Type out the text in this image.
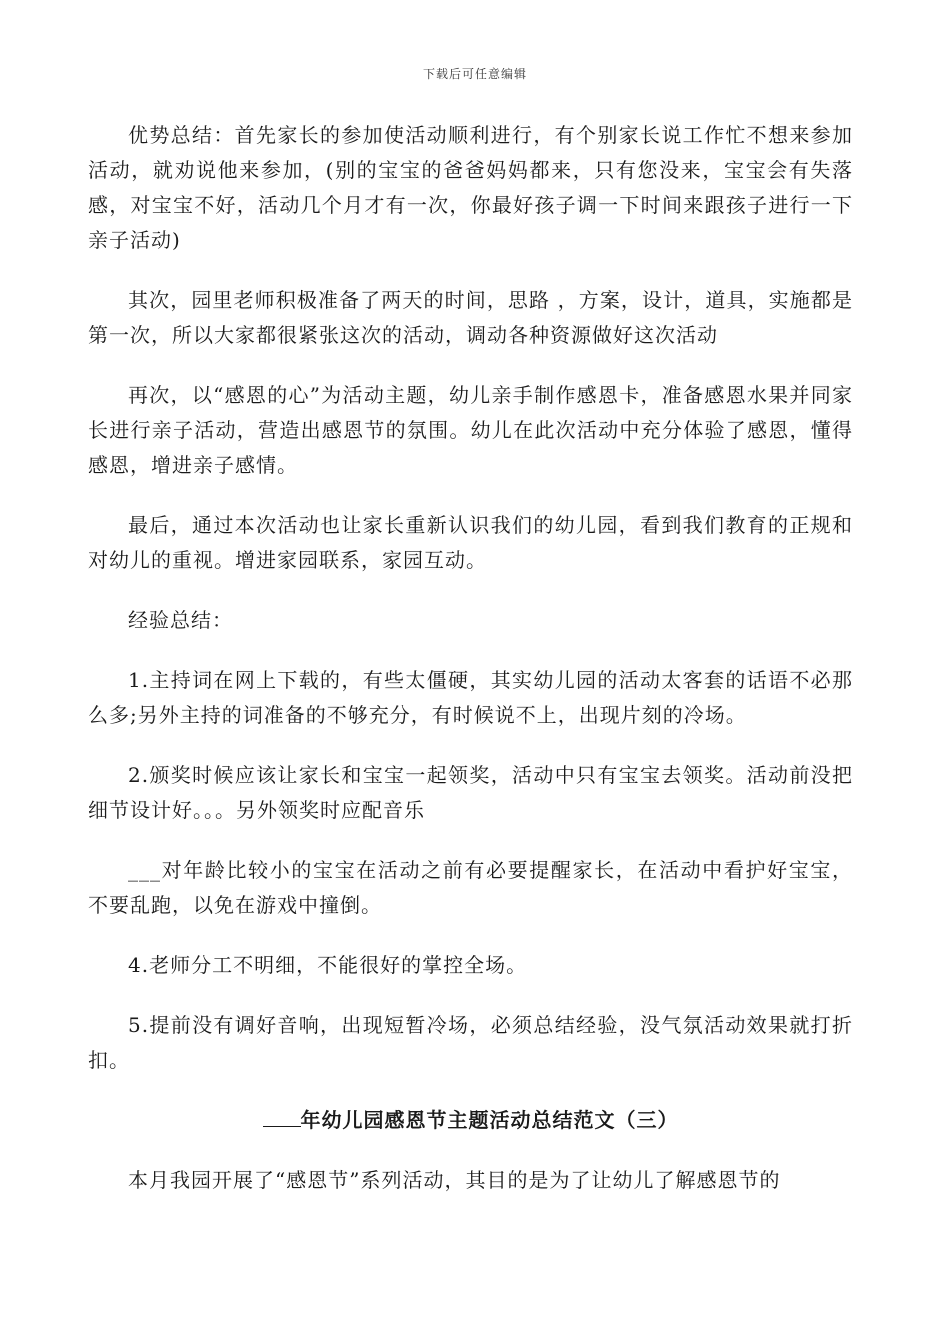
下载后可任意编辑

优势总结：首先家长的参加使活动顺利进行，有个别家长说工作忙不想来参加活动，就劝说他来参加，(别的宝宝的爸爸妈妈都来，只有您没来，宝宝会有失落感，对宝宝不好，活动几个月才有一次，你最好孩子调一下时间来跟孩子进行一下亲子活动)

其次，园里老师积极准备了两天的时间，思路 ，方案，设计，道具，实施都是第一次，所以大家都很紧张这次的活动，调动各种资源做好这次活动

再次，以“感恩的心”为活动主题，幼儿亲手制作感恩卡，准备感恩水果并同家长进行亲子活动，营造出感恩节的氛围。幼儿在此次活动中充分体验了感恩，懂得感恩，增进亲子感情。

最后，通过本次活动也让家长重新认识我们的幼儿园，看到我们教育的正规和对幼儿的重视。增进家园联系，家园互动。

经验总结：

1.主持词在网上下载的，有些太僵硬，其实幼儿园的活动太客套的话语不必那么多;另外主持的词准备的不够充分，有时候说不上，出现片刻的冷场。

2.颁奖时候应该让家长和宝宝一起领奖，活动中只有宝宝去领奖。活动前没把细节设计好。。。另外领奖时应配音乐

___对年龄比较小的宝宝在活动之前有必要提醒家长，在活动中看护好宝宝，不要乱跑，以免在游戏中撞倒。

4.老师分工不明细，不能很好的掌控全场。

5.提前没有调好音响，出现短暂冷场，必须总结经验，没气氛活动效果就打折扣。

年幼儿园感恩节主题活动总结范文（三）

本月我园开展了“感恩节”系列活动，其目的是为了让幼儿了解感恩节的
